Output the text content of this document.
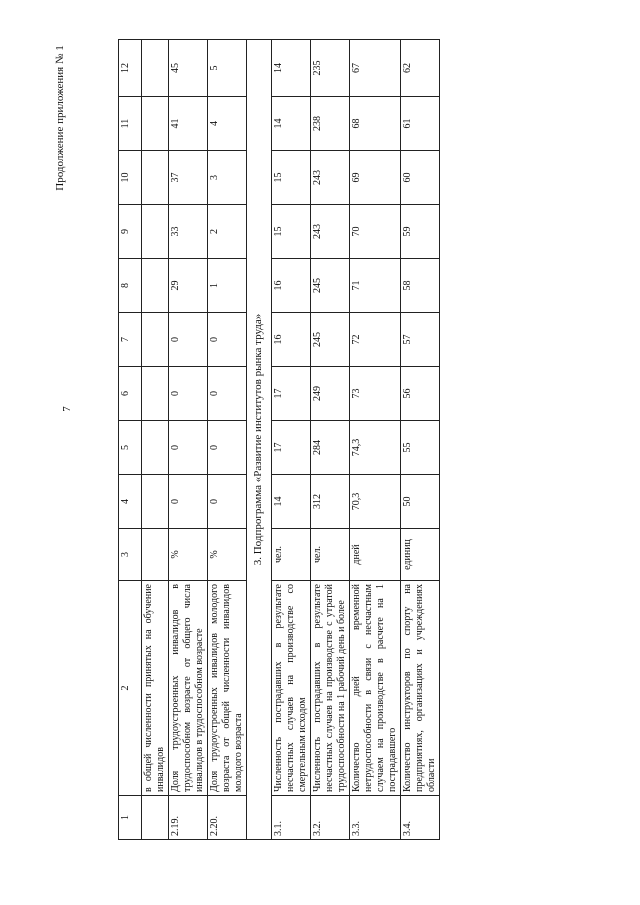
7
Продолжение приложения № 1
1	2	3	4	5	6	7	8	9	10	11	12
	в общей численности принятых на обучение инвалидов										
2.19.	Доля трудоустроенных инвалидов в трудоспособном возрасте от общего числа инвалидов в трудоспособном возрасте	%	0	0	0	0	29	33	37	41	45
2.20.	Доля трудоустроенных инвалидов молодого возраста от общей численности инвалидов молодого возраста	%	0	0	0	0	1	2	3	4	5
3. Подпрограмма «Развитие институтов рынка труда»											
3.1.	Численность пострадавших в результате несчастных случаев на производстве со смертельным исходом	чел.	14	17	17	16	16	15	15	14	14
3.2.	Численность пострадавших в результате несчастных случаев на производстве с утратой трудоспособности на 1 рабочий день и более	чел.	312	284	249	245	245	243	243	238	235
3.3.	Количество дней временной нетрудоспособности в связи с несчастным случаем на производстве в расчете на 1 пострадавшего	дней	70,3	74,3	73	72	71	70	69	68	67
3.4.	Количество инструкторов по спорту на предприятиях, организациях и учреждениях области	единиц	50	55	56	57	58	59	60	61	62
